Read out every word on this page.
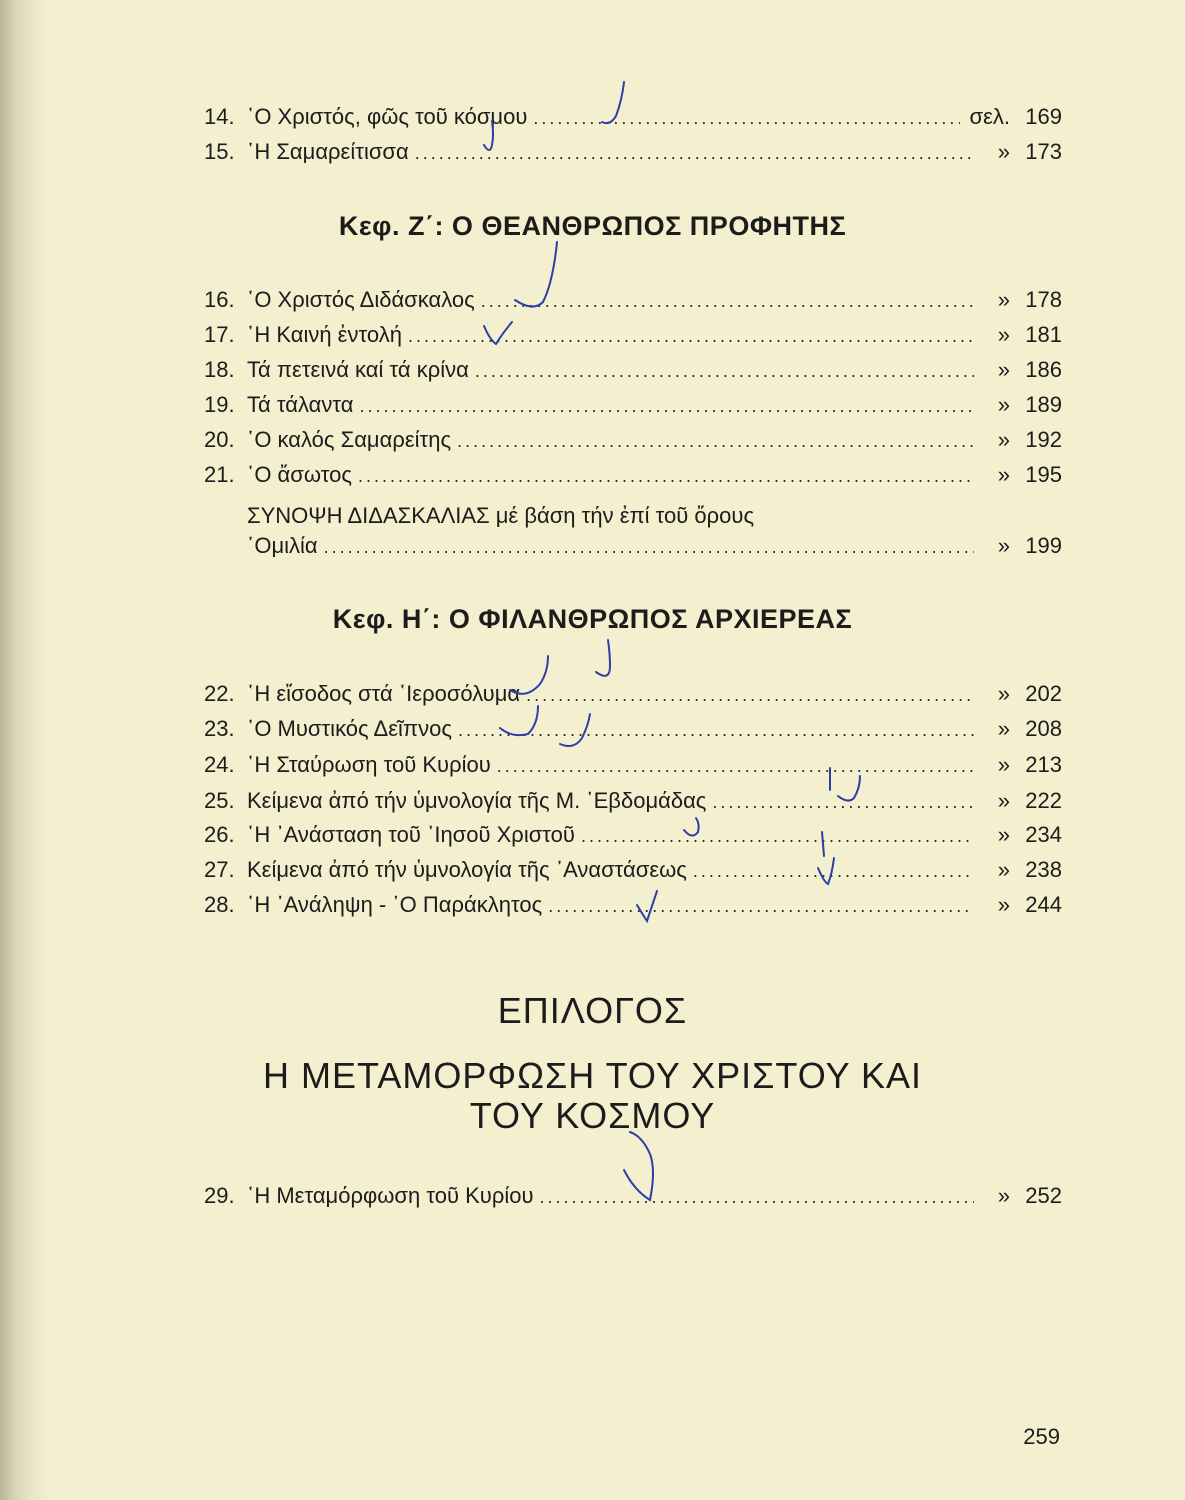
14. ῾Ο Χριστός, φῶς τοῦ κόσμου .....	σελ. 169
15. ῾Η Σαμαρείτισσα .....	» 173
Κεφ. Ζ΄: Ο ΘΕΑΝΘΡΩΠΟΣ ΠΡΟΦΗΤΗΣ
16. ῾Ο Χριστός Διδάσκαλος .....	» 178
17. ῾Η Καινή ἐντολή .....	» 181
18. Τά πετεινά καί τά κρίνα .....	» 186
19. Τά τάλαντα .....	» 189
20. ῾Ο καλός Σαμαρείτης .....	» 192
21. ῾Ο ἄσωτος .....	» 195
ΣΥΝΟΨΗ ΔΙΔΑΣΚΑΛΙΑΣ μέ βάση τήν ἐπί τοῦ ὄρους
῾Ομιλία .....	» 199
Κεφ. Η΄: Ο ΦΙΛΑΝΘΡΩΠΟΣ ΑΡΧΙΕΡΕΑΣ
22. ῾Η εἴσοδος στά ῾Ιεροσόλυμα .....	» 202
23. ῾Ο Μυστικός Δεῖπνος .....	» 208
24. ῾Η Σταύρωση τοῦ Κυρίου .....	» 213
25. Κείμενα ἀπό τήν ὑμνολογία τῆς Μ. ῾Εβδομάδας .....	» 222
26. ῾Η ᾿Ανάσταση τοῦ ᾿Ιησοῦ Χριστοῦ .....	» 234
27. Κείμενα ἀπό τήν ὑμνολογία τῆς ᾿Αναστάσεως .....	» 238
28. ῾Η ᾿Ανάληψη - ῾Ο Παράκλητος .....	» 244
ΕΠΙΛΟΓΟΣ
Η ΜΕΤΑΜΟΡΦΩΣΗ ΤΟΥ ΧΡΙΣΤΟΥ ΚΑΙ
ΤΟΥ ΚΟΣΜΟΥ
29. ῾Η Μεταμόρφωση τοῦ Κυρίου .....	» 252
259
